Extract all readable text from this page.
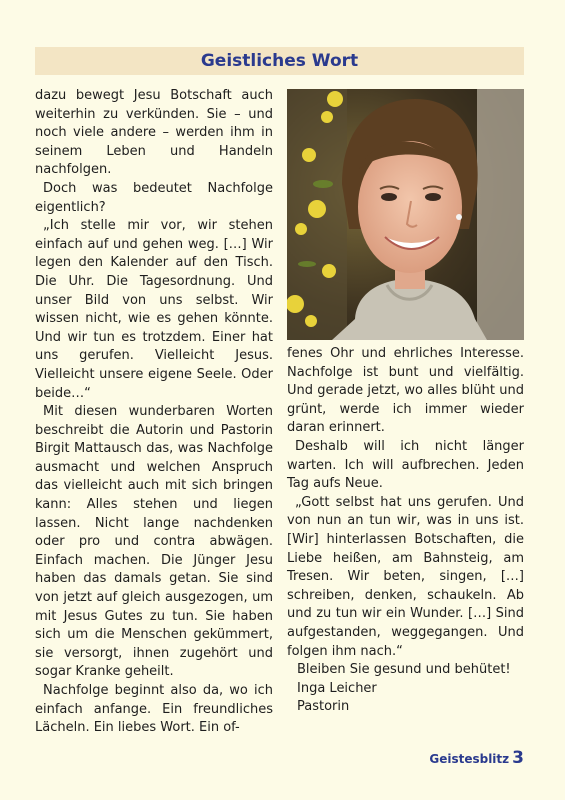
Geistliches Wort

dazu bewegt Jesu Botschaft auch weiterhin zu verkünden. Sie – und noch viele andere – werden ihm in seinem Leben und Handeln nachfolgen.

Doch was bedeutet Nachfolge eigentlich?

„Ich stelle mir vor, wir stehen einfach auf und gehen weg. […] Wir legen den Kalender auf den Tisch. Die Uhr. Die Tagesordnung. Und unser Bild von uns selbst. Wir wissen nicht, wie es gehen könnte. Und wir tun es trotzdem. Einer hat uns gerufen. Vielleicht Jesus. Vielleicht unsere eigene Seele. Oder beide…“

Mit diesen wunderbaren Worten beschreibt die Autorin und Pastorin Birgit Mattausch das, was Nachfolge ausmacht und welchen Anspruch das vielleicht auch mit sich bringen kann: Alles stehen und liegen lassen. Nicht lange nachdenken oder pro und contra abwägen. Einfach machen. Die Jünger Jesu haben das damals getan. Sie sind von jetzt auf gleich ausgezogen, um mit Jesus Gutes zu tun. Sie haben sich um die Menschen gekümmert, sie versorgt, ihnen zugehört und sogar Kranke geheilt.

Nachfolge beginnt also da, wo ich einfach anfange. Ein freundliches Lächeln. Ein liebes Wort. Ein of-

fenes Ohr und ehrliches Interesse. Nachfolge ist bunt und vielfältig. Und gerade jetzt, wo alles blüht und grünt, werde ich immer wieder daran erinnert.

Deshalb will ich nicht länger warten. Ich will aufbrechen. Jeden Tag aufs Neue.

„Gott selbst hat uns gerufen. Und von nun an tun wir, was in uns ist. [Wir] hinterlassen Botschaften, die Liebe heißen, am Bahnsteig, am Tresen. Wir beten, singen, […] schreiben, denken, schaukeln. Ab und zu tun wir ein Wunder. […] Sind aufgestanden, weggegangen. Und folgen ihm nach.“

Bleiben Sie gesund und behütet!

Inga Leicher

Pastorin

Geistesblitz 3
